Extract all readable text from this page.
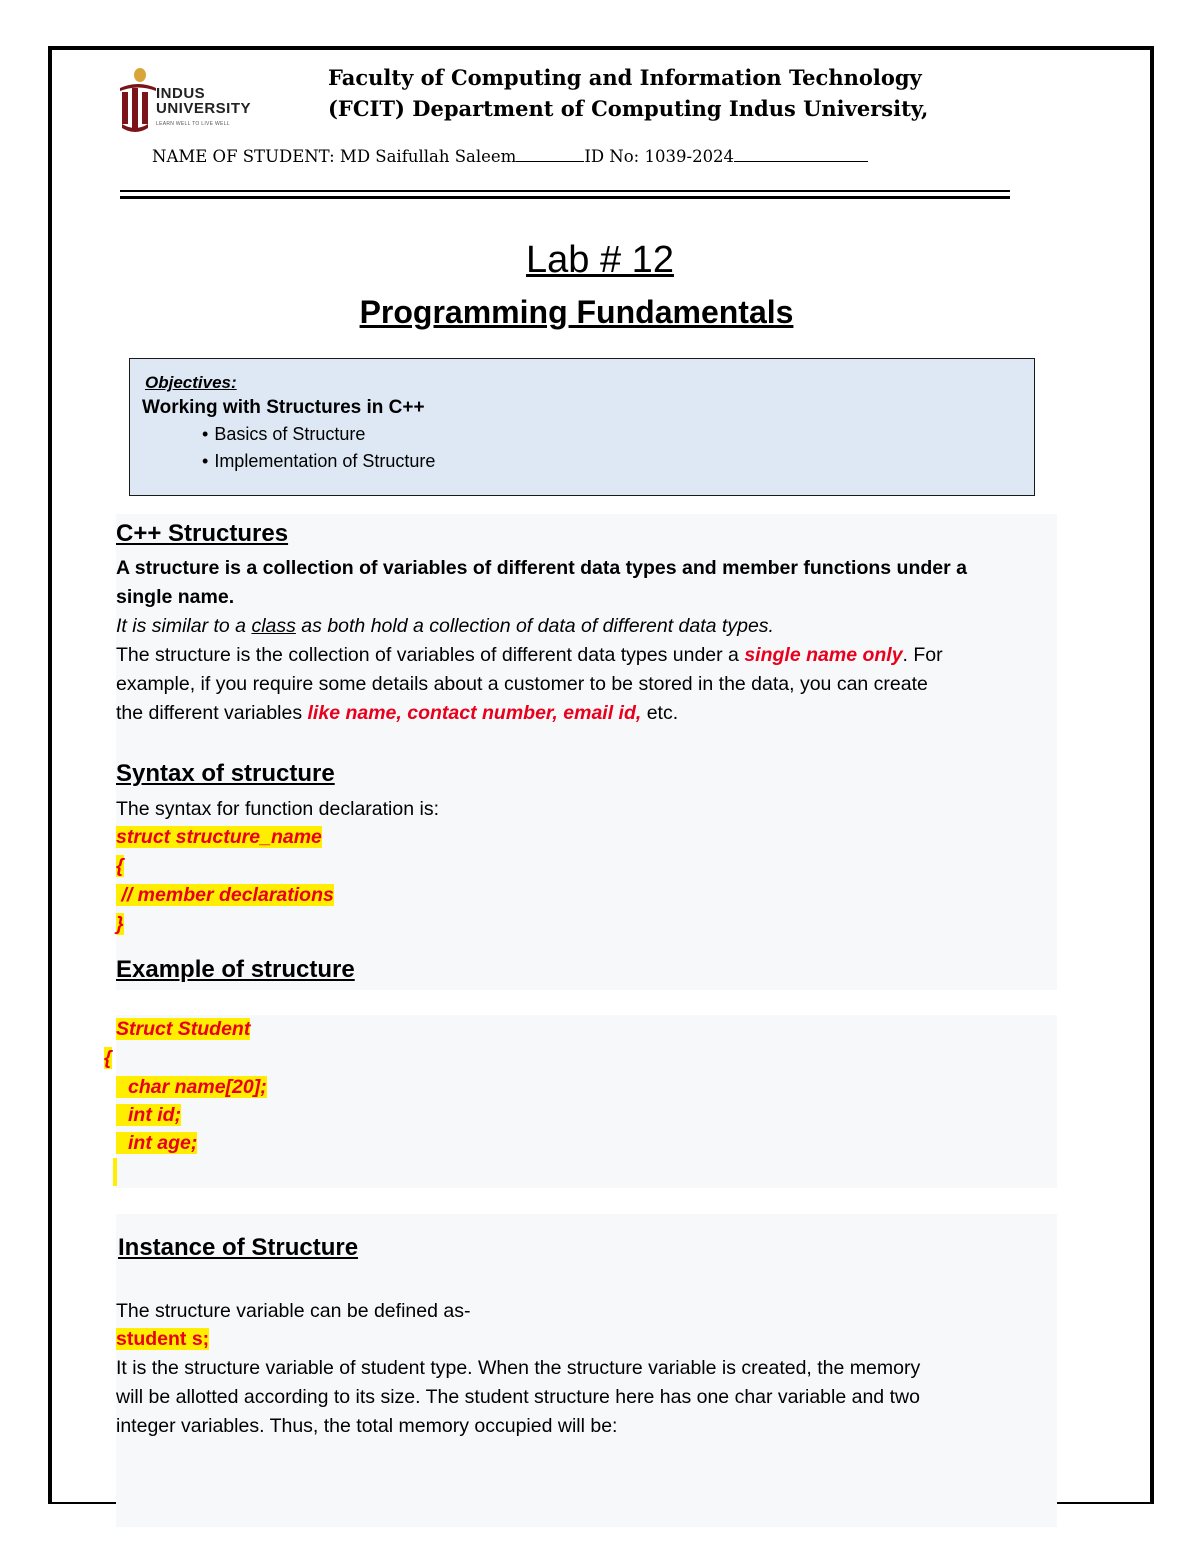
INDUS
UNIVERSITY
LEARN WELL TO LIVE WELL
Faculty of Computing and Information Technology
(FCIT) Department of Computing Indus University,
NAME OF STUDENT: MD Saifullah Saleem	ID No: 1039-2024
Lab # 12
Programming Fundamentals
Objectives:
Working with Structures in C++
• Basics of Structure
• Implementation of Structure
C++ Structures
A structure is a collection of variables of different data types and member functions under a
single name.
It is similar to a class as both hold a collection of data of different data types.
The structure is the collection of variables of different data types under a single name only. For
example, if you require some details about a customer to be stored in the data, you can create
the different variables like name, contact number, email id, etc.
Syntax of structure
The syntax for function declaration is:
struct structure_name
{
// member declarations
}
Example of structure
Struct Student
{
char name[20];
int id;
int age;
Instance of Structure
The structure variable can be defined as-
student s;
It is the structure variable of student type. When the structure variable is created, the memory
will be allotted according to its size. The student structure here has one char variable and two
integer variables. Thus, the total memory occupied will be:
